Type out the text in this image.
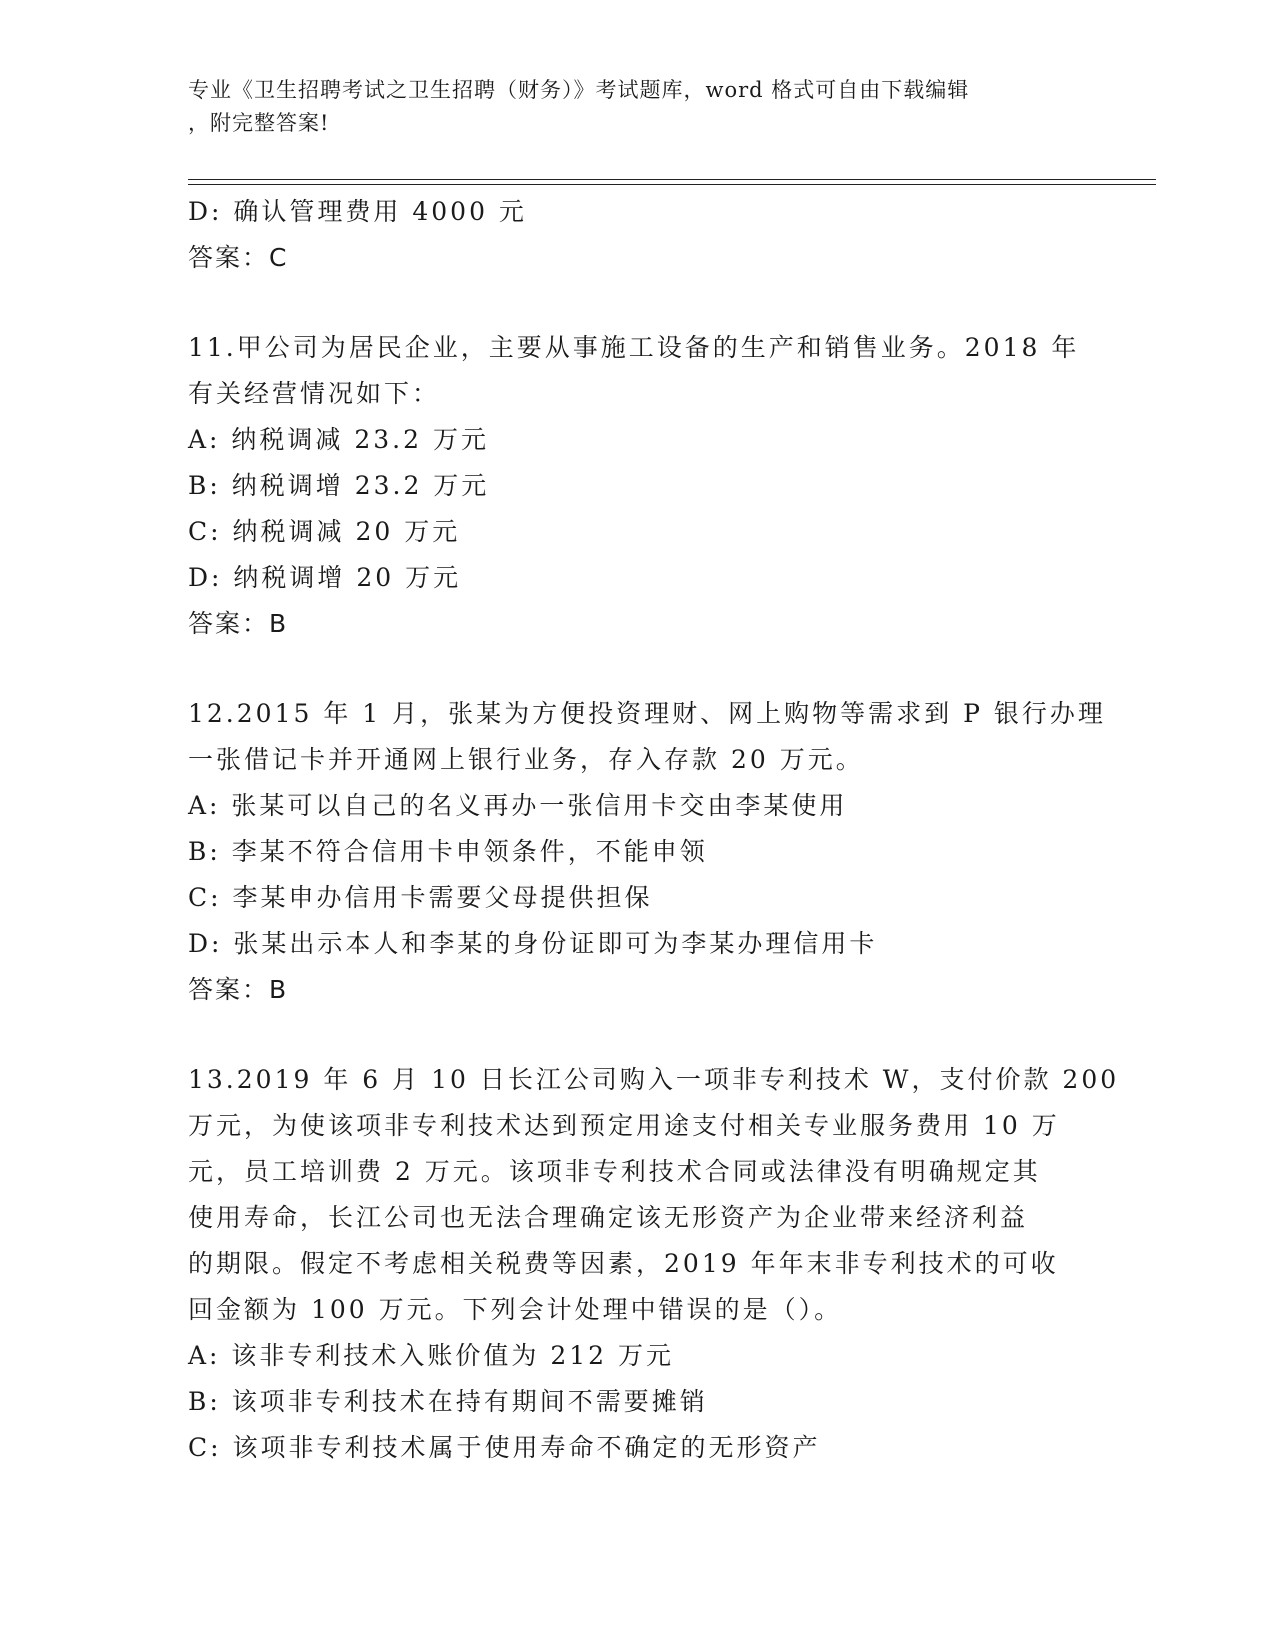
专业《卫生招聘考试之卫生招聘（财务）》考试题库，word 格式可自由下载编辑
，附完整答案!
D: 确认管理费用 4000 元
答案：C
11.甲公司为居民企业，主要从事施工设备的生产和销售业务。2018 年
有关经营情况如下：
A: 纳税调减 23.2 万元
B: 纳税调增 23.2 万元
C: 纳税调减 20 万元
D: 纳税调增 20 万元
答案：B
12.2015 年 1 月，张某为方便投资理财、网上购物等需求到 P 银行办理
一张借记卡并开通网上银行业务，存入存款 20 万元。
A: 张某可以自己的名义再办一张信用卡交由李某使用
B: 李某不符合信用卡申领条件，不能申领
C: 李某申办信用卡需要父母提供担保
D: 张某出示本人和李某的身份证即可为李某办理信用卡
答案：B
13.2019 年 6 月 10 日长江公司购入一项非专利技术 W，支付价款 200
万元，为使该项非专利技术达到预定用途支付相关专业服务费用 10 万
元，员工培训费 2 万元。该项非专利技术合同或法律没有明确规定其
使用寿命，长江公司也无法合理确定该无形资产为企业带来经济利益
的期限。假定不考虑相关税费等因素，2019 年年末非专利技术的可收
回金额为 100 万元。下列会计处理中错误的是（）。
A: 该非专利技术入账价值为 212 万元
B: 该项非专利技术在持有期间不需要摊销
C: 该项非专利技术属于使用寿命不确定的无形资产
